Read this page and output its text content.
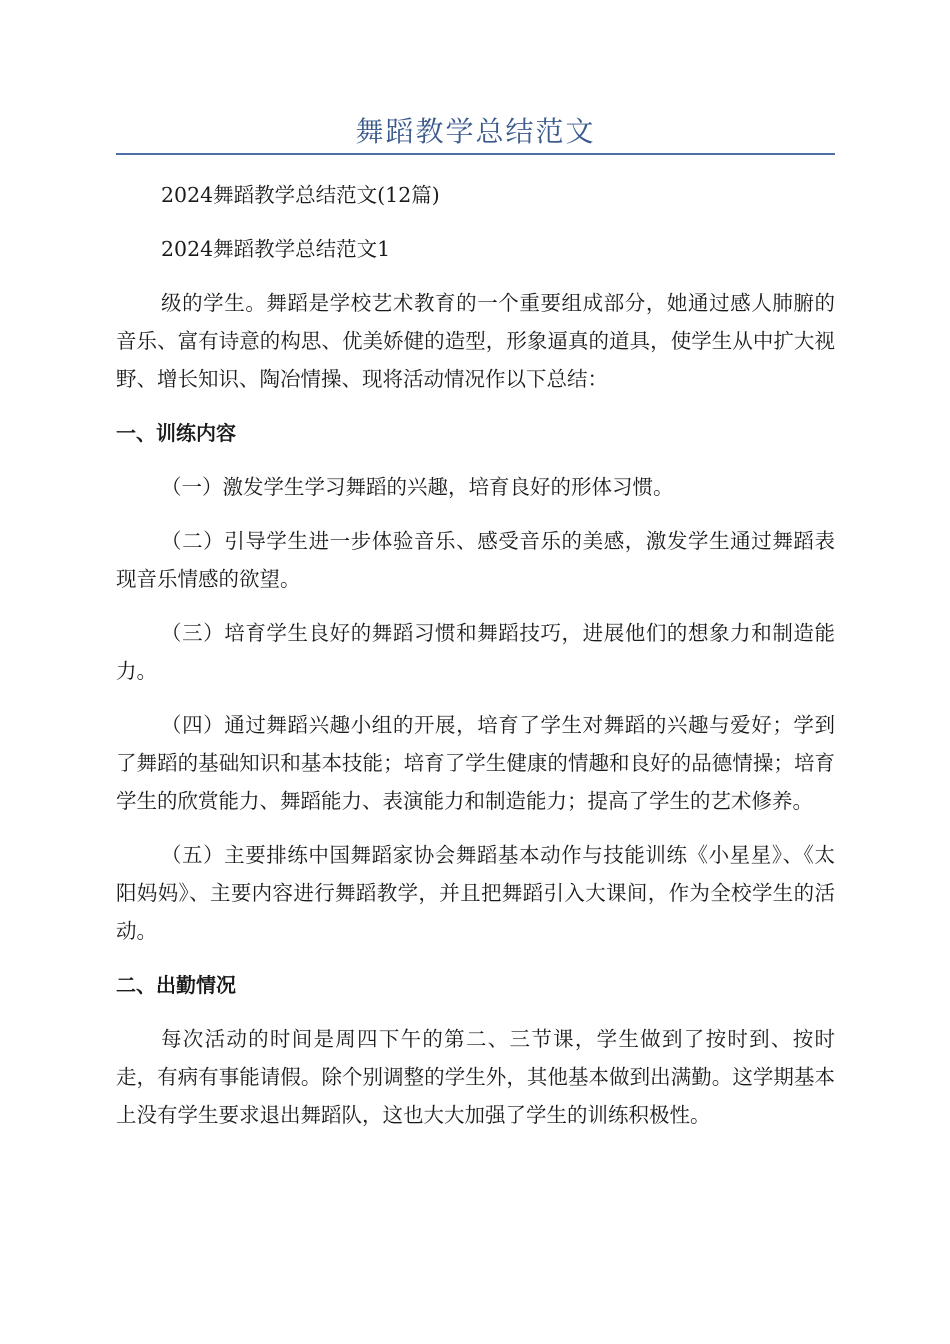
舞蹈教学总结范文

2024舞蹈教学总结范文(12篇)

2024舞蹈教学总结范文1

级的学生。舞蹈是学校艺术教育的一个重要组成部分，她通过感人肺腑的音乐、富有诗意的构思、优美娇健的造型，形象逼真的道具，使学生从中扩大视野、增长知识、陶冶情操、现将活动情况作以下总结：

一、训练内容

（一）激发学生学习舞蹈的兴趣，培育良好的形体习惯。

（二）引导学生进一步体验音乐、感受音乐的美感，激发学生通过舞蹈表现音乐情感的欲望。

（三）培育学生良好的舞蹈习惯和舞蹈技巧，进展他们的想象力和制造能力。

（四）通过舞蹈兴趣小组的开展，培育了学生对舞蹈的兴趣与爱好；学到了舞蹈的基础知识和基本技能；培育了学生健康的情趣和良好的品德情操；培育学生的欣赏能力、舞蹈能力、表演能力和制造能力；提高了学生的艺术修养。

（五）主要排练中国舞蹈家协会舞蹈基本动作与技能训练《小星星》、《太阳妈妈》、主要内容进行舞蹈教学，并且把舞蹈引入大课间，作为全校学生的活动。

二、出勤情况

每次活动的时间是周四下午的第二、三节课，学生做到了按时到、按时走，有病有事能请假。除个别调整的学生外，其他基本做到出满勤。这学期基本上没有学生要求退出舞蹈队，这也大大加强了学生的训练积极性。
